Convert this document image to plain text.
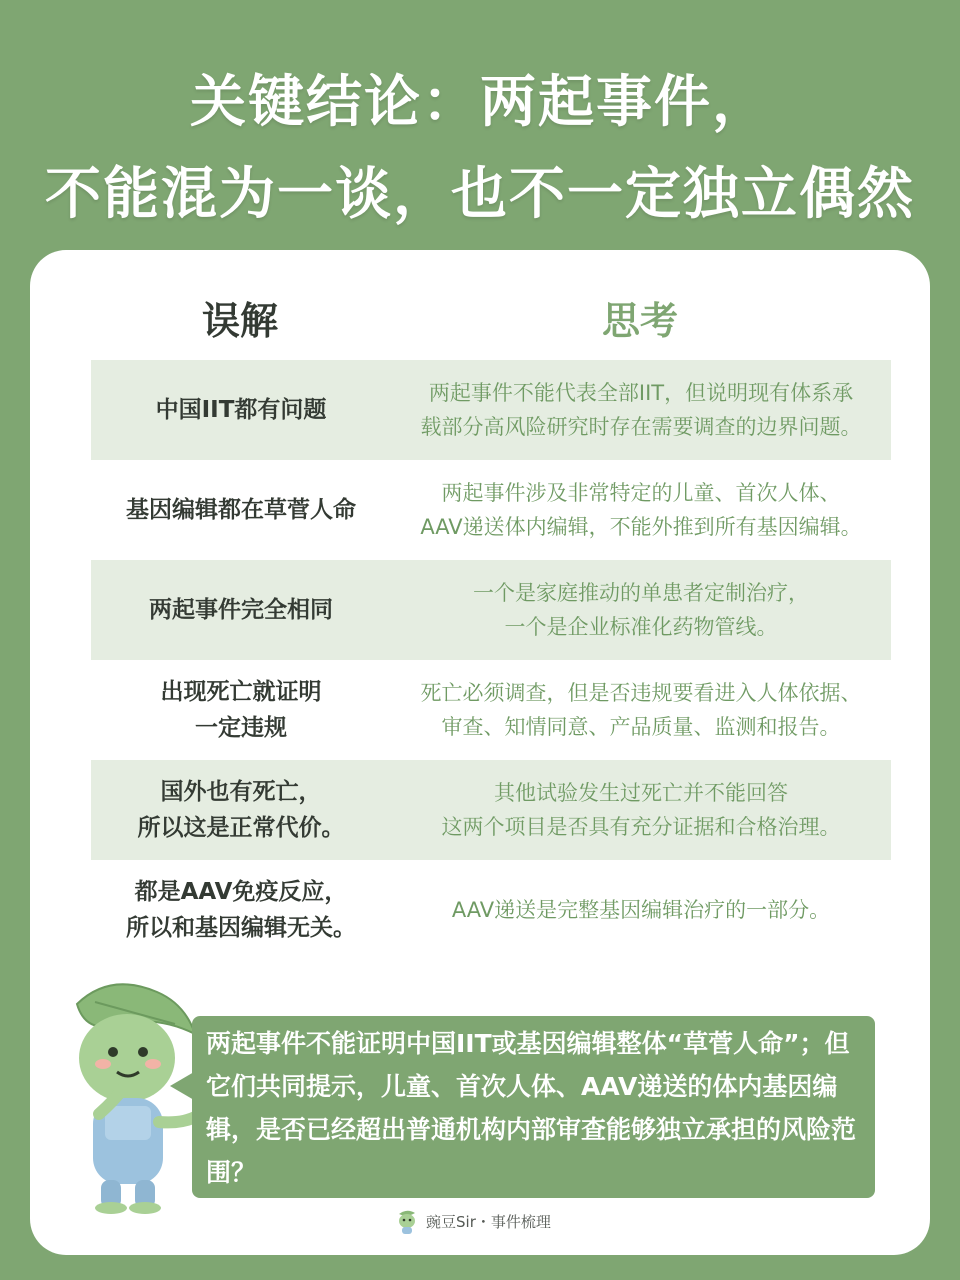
关键结论：两起事件，
不能混为一谈，也不一定独立偶然
误解	思考
中国IIT都有问题
两起事件不能代表全部IIT，但说明现有体系承
载部分高风险研究时存在需要调查的边界问题。
基因编辑都在草菅人命
两起事件涉及非常特定的儿童、首次人体、
AAV递送体内编辑，不能外推到所有基因编辑。
两起事件完全相同
一个是家庭推动的单患者定制治疗，
一个是企业标准化药物管线。
出现死亡就证明
一定违规
死亡必须调查，但是否违规要看进入人体依据、
审查、知情同意、产品质量、监测和报告。
国外也有死亡，
所以这是正常代价。
其他试验发生过死亡并不能回答
这两个项目是否具有充分证据和合格治理。
都是AAV免疫反应，
所以和基因编辑无关。
AAV递送是完整基因编辑治疗的一部分。
两起事件不能证明中国IIT或基因编辑整体“草菅人命”；但它们共同提示，儿童、首次人体、AAV递送的体内基因编辑，是否已经超出普通机构内部审查能够独立承担的风险范围？
豌豆Sir・事件梳理
